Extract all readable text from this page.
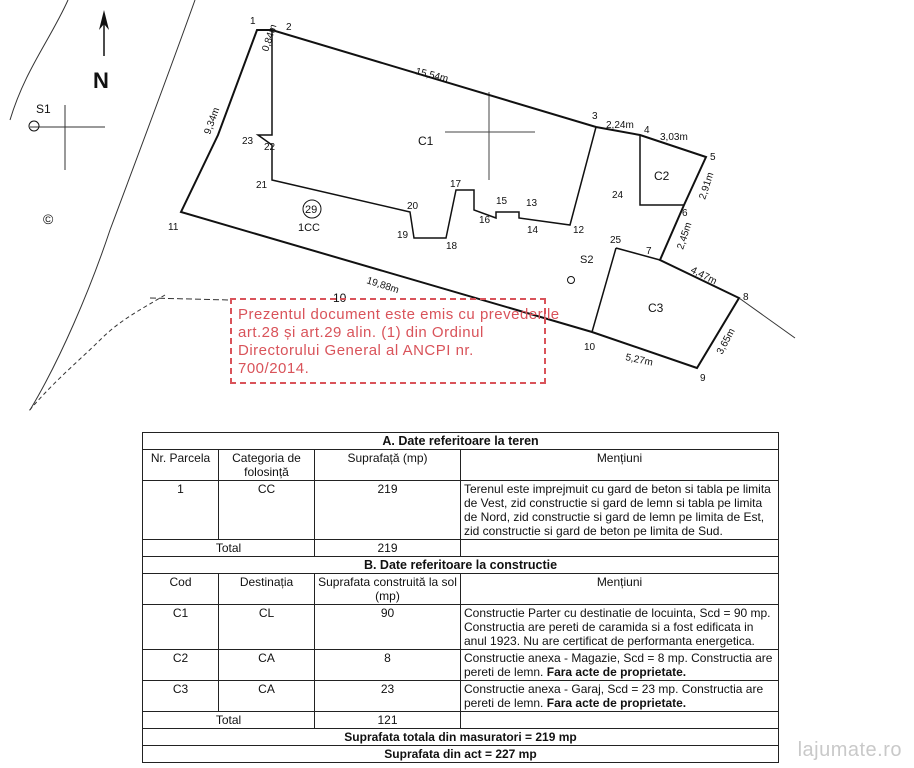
N
S1
©
C1
C2
C3
29
1CC
S2
10
1
2
3
4
5
6
7
8
9
10
11	12
13
14
15
16
17
18
19
20
21
22
23
24
25
0,84m
15,54m
2,24m
3,03m
2,91m
2,45m
4,47m
3,65m
5,27m
19,88m
9,34m
Prezentul document este emis cu prevederile
art.28 și art.29 alin. (1) din Ordinul
Directorului General al ANCPI nr.
700/2014.
A. Date referitoare la teren			
Nr. Parcela	Categoria de folosință	Suprafață (mp)	Mențiuni
1	CC	219	Terenul este imprejmuit cu gard de beton si tabla pe limita de Vest, zid constructie si gard de lemn si tabla pe limita de Nord, zid constructie si gard de lemn pe limita de Est, zid constructie si gard de beton pe limita de Sud.
Total		219	
B. Date referitoare la constructie			
Cod	Destinația	Suprafata construită la sol (mp)	Mențiuni
C1	CL	90	Constructie Parter cu destinatie de locuinta, Scd = 90 mp. Constructia are pereti de caramida si a fost edificata in anul 1923. Nu are certificat de performanta energetica.
C2	CA	8	Constructie anexa - Magazie, Scd = 8 mp. Constructia are pereti de lemn. Fara acte de proprietate.
C3	CA	23	Constructie anexa - Garaj, Scd = 23 mp. Constructia are pereti de lemn. Fara acte de proprietate.
Total		121	
Suprafata totala din masuratori = 219 mp			
Suprafata din act = 227 mp				lajumate.ro
